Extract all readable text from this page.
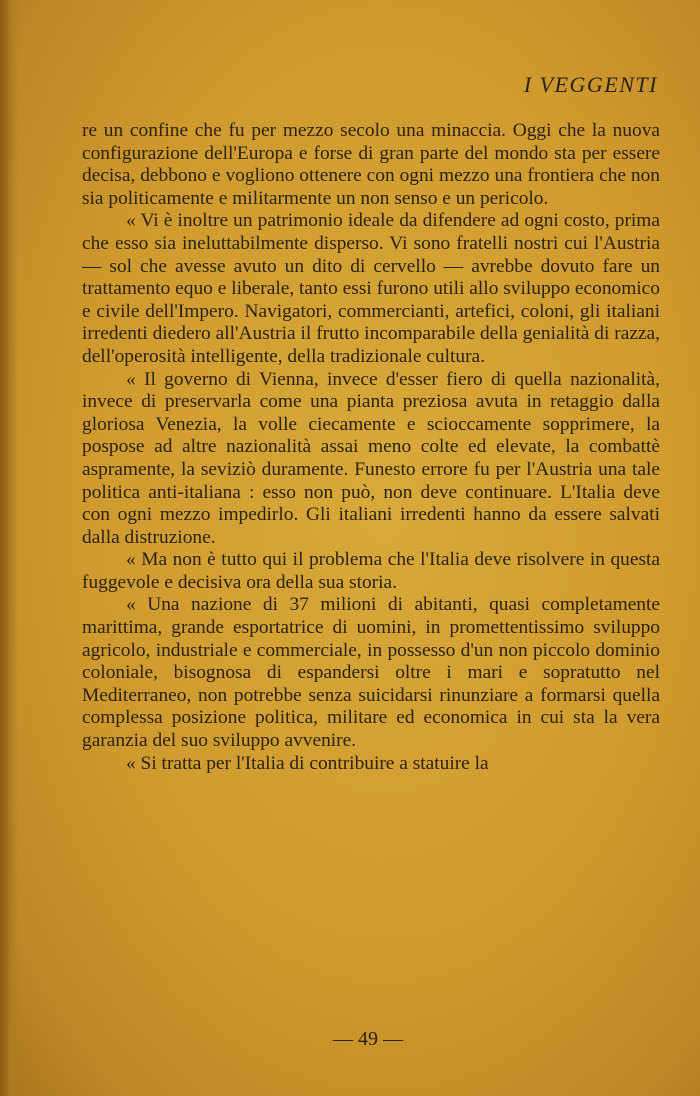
I VEGGENTI

re un confine che fu per mezzo secolo una minaccia. Oggi che la nuova configurazione dell'Europa e forse di gran parte del mondo sta per essere decisa, debbono e vogliono ottenere con ogni mezzo una frontiera che non sia politicamente e militarmente un non senso e un pericolo.

« Vi è inoltre un patrimonio ideale da difendere ad ogni costo, prima che esso sia ineluttabilmente disperso. Vi sono fratelli nostri cui l'Austria — sol che avesse avuto un dito di cervello — avrebbe dovuto fare un trattamento equo e liberale, tanto essi furono utili allo sviluppo economico e civile dell'Impero. Navigatori, commercianti, artefici, coloni, gli italiani irredenti diedero all'Austria il frutto incomparabile della genialità di razza, dell'operosità intelligente, della tradizionale cultura.

« Il governo di Vienna, invece d'esser fiero di quella nazionalità, invece di preservarla come una pianta preziosa avuta in retaggio dalla gloriosa Venezia, la volle ciecamente e scioccamente sopprimere, la pospose ad altre nazionalità assai meno colte ed elevate, la combattè aspramente, la seviziò duramente. Funesto errore fu per l'Austria una tale politica anti-italiana : esso non può, non deve continuare. L'Italia deve con ogni mezzo impedirlo. Gli italiani irredenti hanno da essere salvati dalla distruzione.

« Ma non è tutto qui il problema che l'Italia deve risolvere in questa fuggevole e decisiva ora della sua storia.

« Una nazione di 37 milioni di abitanti, quasi completamente marittima, grande esportatrice di uomini, in promettentissimo sviluppo agricolo, industriale e commerciale, in possesso d'un non piccolo dominio coloniale, bisognosa di espandersi oltre i mari e sopratutto nel Mediterraneo, non potrebbe senza suicidarsi rinunziare a formarsi quella complessa posizione politica, militare ed economica in cui sta la vera garanzia del suo sviluppo avvenire.

« Si tratta per l'Italia di contribuire a statuire la

— 49 —
